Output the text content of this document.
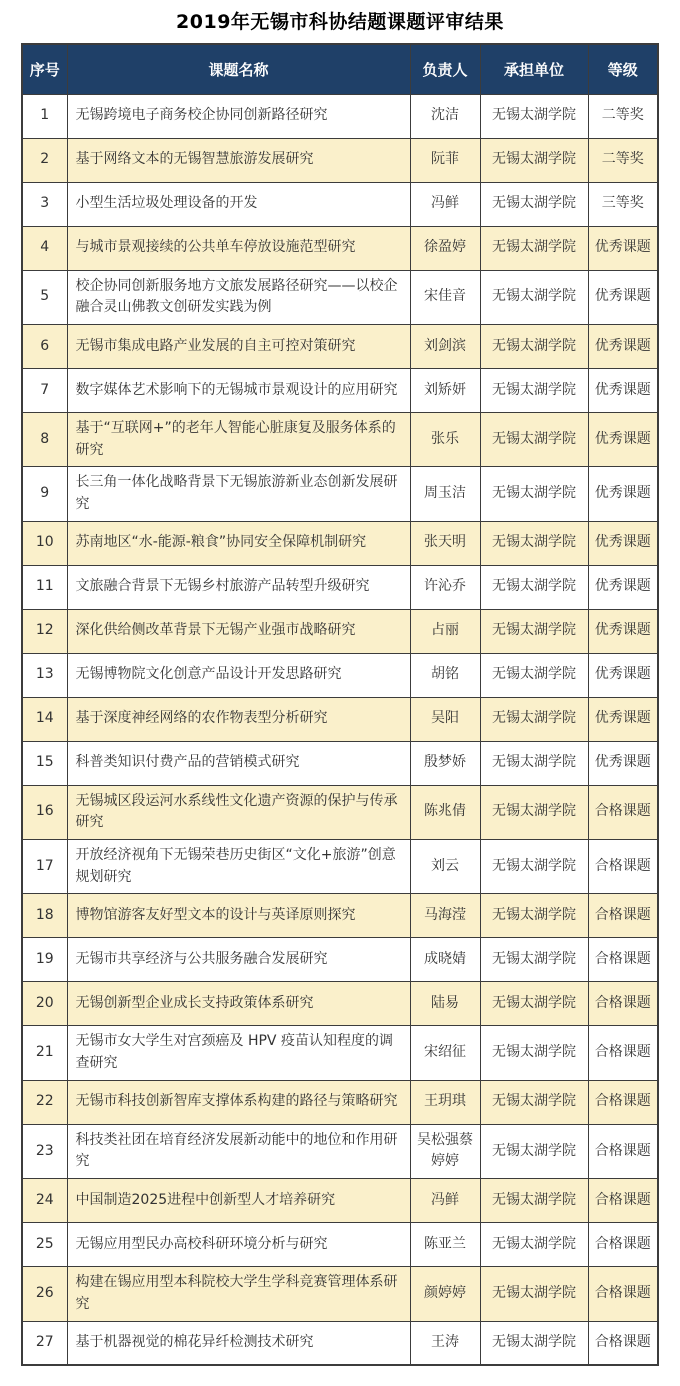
2019年无锡市科协结题课题评审结果
序号	课题名称	负责人	承担单位	等级
1	无锡跨境电子商务校企协同创新路径研究	沈洁	无锡太湖学院	二等奖
2	基于网络文本的无锡智慧旅游发展研究	阮菲	无锡太湖学院	二等奖
3	小型生活垃圾处理设备的开发	冯鲜	无锡太湖学院	三等奖
4	与城市景观接续的公共单车停放设施范型研究	徐盈婷	无锡太湖学院	优秀课题
5	校企协同创新服务地方文旅发展路径研究——以校企融合灵山佛教文创研发实践为例	宋佳音	无锡太湖学院	优秀课题
6	无锡市集成电路产业发展的自主可控对策研究	刘剑滨	无锡太湖学院	优秀课题
7	数字媒体艺术影响下的无锡城市景观设计的应用研究	刘矫妍	无锡太湖学院	优秀课题
8	基于“互联网+”的老年人智能心脏康复及服务体系的研究	张乐	无锡太湖学院	优秀课题
9	长三角一体化战略背景下无锡旅游新业态创新发展研究	周玉洁	无锡太湖学院	优秀课题
10	苏南地区“水-能源-粮食”协同安全保障机制研究	张天明	无锡太湖学院	优秀课题
11	文旅融合背景下无锡乡村旅游产品转型升级研究	许沁乔	无锡太湖学院	优秀课题
12	深化供给侧改革背景下无锡产业强市战略研究	占丽	无锡太湖学院	优秀课题
13	无锡博物院文化创意产品设计开发思路研究	胡铭	无锡太湖学院	优秀课题
14	基于深度神经网络的农作物表型分析研究	吴阳	无锡太湖学院	优秀课题
15	科普类知识付费产品的营销模式研究	殷梦娇	无锡太湖学院	优秀课题
16	无锡城区段运河水系线性文化遗产资源的保护与传承研究	陈兆倩	无锡太湖学院	合格课题
17	开放经济视角下无锡荣巷历史街区“文化+旅游”创意规划研究	刘云	无锡太湖学院	合格课题
18	博物馆游客友好型文本的设计与英译原则探究	马海滢	无锡太湖学院	合格课题
19	无锡市共享经济与公共服务融合发展研究	成晓婧	无锡太湖学院	合格课题
20	无锡创新型企业成长支持政策体系研究	陆易	无锡太湖学院	合格课题
21	无锡市女大学生对宫颈癌及 HPV 疫苗认知程度的调查研究	宋绍征	无锡太湖学院	合格课题
22	无锡市科技创新智库支撑体系构建的路径与策略研究	王玥琪	无锡太湖学院	合格课题
23	科技类社团在培育经济发展新动能中的地位和作用研究	吴松强蔡婷婷	无锡太湖学院	合格课题
24	中国制造2025进程中创新型人才培养研究	冯鲜	无锡太湖学院	合格课题
25	无锡应用型民办高校科研环境分析与研究	陈亚兰	无锡太湖学院	合格课题
26	构建在锡应用型本科院校大学生学科竞赛管理体系研究	颜婷婷	无锡太湖学院	合格课题
27	基于机器视觉的棉花异纤检测技术研究	王涛	无锡太湖学院	合格课题
